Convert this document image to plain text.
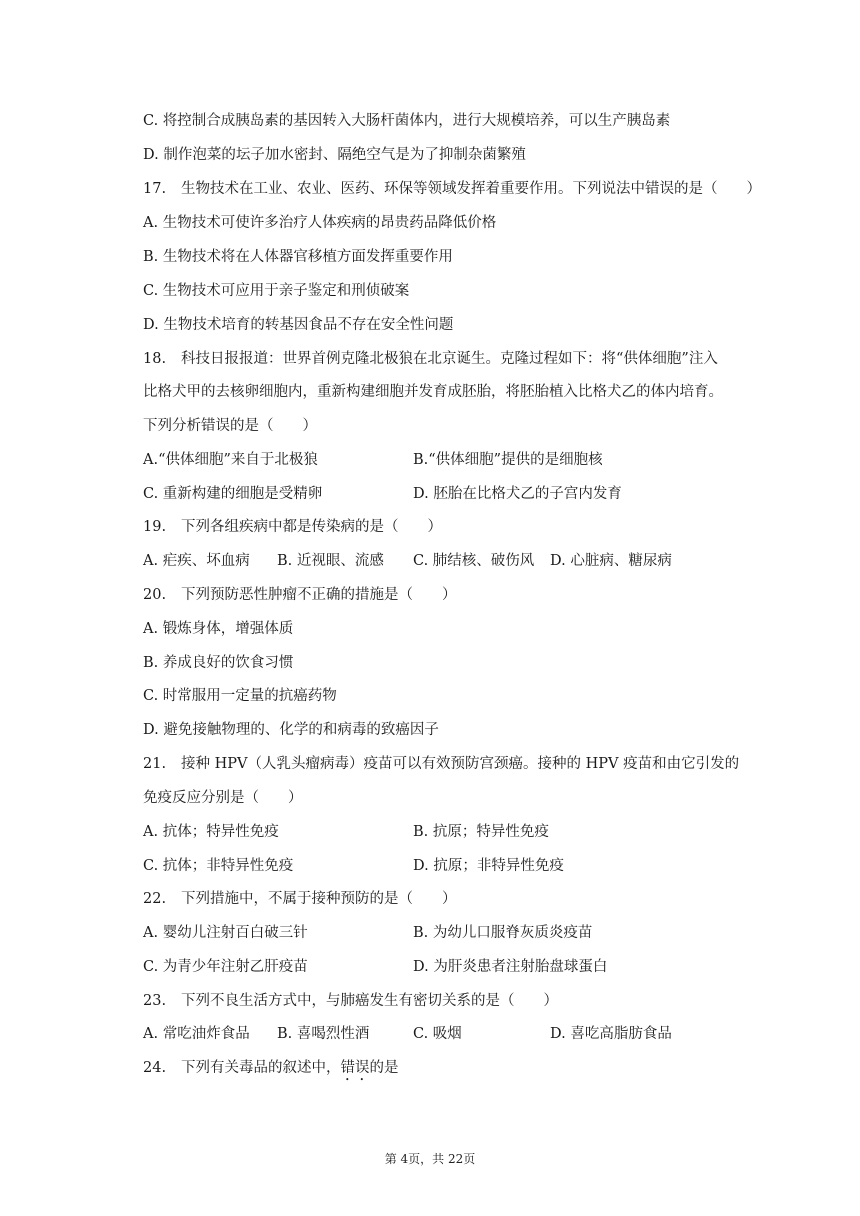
C. 将控制合成胰岛素的基因转入大肠杆菌体内，进行大规模培养，可以生产胰岛素
D. 制作泡菜的坛子加水密封、隔绝空气是为了抑制杂菌繁殖
17. 生物技术在工业、农业、医药、环保等领域发挥着重要作用。下列说法中错误的是（　　）
A. 生物技术可使许多治疗人体疾病的昂贵药品降低价格
B. 生物技术将在人体器官移植方面发挥重要作用
C. 生物技术可应用于亲子鉴定和刑侦破案
D. 生物技术培育的转基因食品不存在安全性问题
18. 科技日报报道：世界首例克隆北极狼在北京诞生。克隆过程如下：将“供体细胞”注入
比格犬甲的去核卵细胞内，重新构建细胞并发育成胚胎，将胚胎植入比格犬乙的体内培育。
下列分析错误的是（　　）
A.“供体细胞”来自于北极狼	B.“供体细胞”提供的是细胞核
C. 重新构建的细胞是受精卵	D. 胚胎在比格犬乙的子宫内发育
19. 下列各组疾病中都是传染病的是（　　）
A. 疟疾、坏血病 B. 近视眼、流感 C. 肺结核、破伤风 D. 心脏病、糖尿病
20. 下列预防恶性肿瘤不正确的措施是（　　）
A. 锻炼身体，增强体质
B. 养成良好的饮食习惯
C. 时常服用一定量的抗癌药物
D. 避免接触物理的、化学的和病毒的致癌因子
21. 接种 HPV（人乳头瘤病毒）疫苗可以有效预防宫颈癌。接种的 HPV 疫苗和由它引发的
免疫反应分别是（　　）
A. 抗体；特异性免疫	B. 抗原；特异性免疫
C. 抗体；非特异性免疫	D. 抗原；非特异性免疫
22. 下列措施中，不属于接种预防的是（　　）
A. 婴幼儿注射百白破三针	B. 为幼儿口服脊灰质炎疫苗
C. 为青少年注射乙肝疫苗	D. 为肝炎患者注射胎盘球蛋白
23. 下列不良生活方式中，与肺癌发生有密切关系的是（　　）
A. 常吃油炸食品 B. 喜喝烈性酒	C. 吸烟	D. 喜吃高脂肪食品
24. 下列有关毒品的叙述中，错误的是
第 4页，共 22页
